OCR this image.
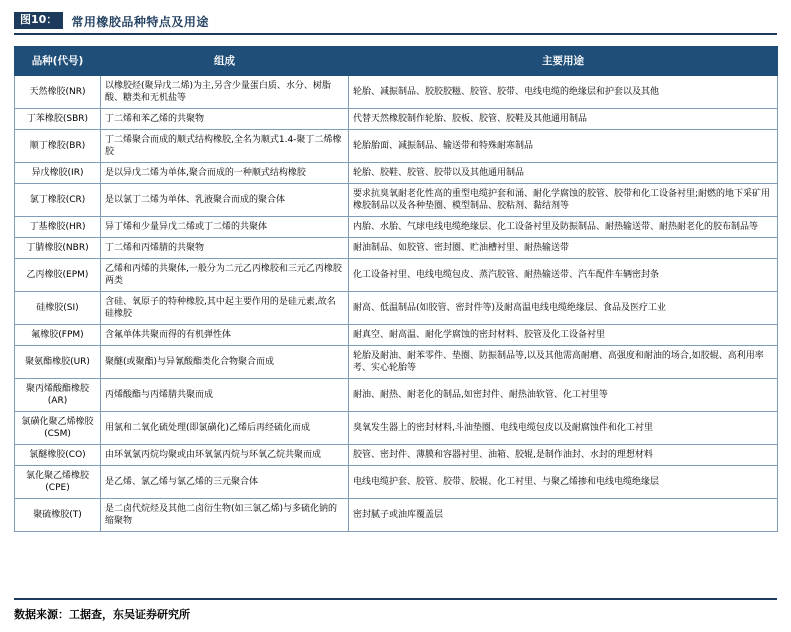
图10：	常用橡胶品种特点及用途
品种(代号)	组成	主要用途
天然橡胶(NR)	以橡胶烃(聚异戊二烯)为主,另含少量蛋白质、水分、树脂酸、糖类和无机盐等	轮胎、减振制品、胶胶胶糍、胶管、胶带、电线电缆的绝缘层和护套以及其他
丁苯橡胶(SBR)	丁二烯和苯乙烯的共聚物	代替天然橡胶制作轮胎、胶板、胶管、胶鞋及其他通用制品
顺丁橡胶(BR)	丁二烯聚合而成的顺式结构橡胶,全名为顺式1.4-聚丁二烯橡胶	轮胎胎面、减振制品、输送带和特殊耐寒制品
异戊橡胶(IR)	是以异戊二烯为单体,聚合而成的一种顺式结构橡胶	轮胎、胶鞋、胶管、胶带以及其他通用制品
氯丁橡胶(CR)	是以氯丁二烯为单体、乳液聚合而成的聚合体	要求抗臭氧耐老化性高的重型电缆护套和涌、耐化学腐蚀的胶管、胶带和化工设备衬里;耐燃的地下采矿用橡胶制品以及各种垫圈、模型制品、胶粘剂、黏结剂等
丁基橡胶(HR)	异丁烯和少量异戊二烯或丁二烯的共聚体	内胎、水胎、气球电线电缆绝缘层、化工设备衬里及防振制品、耐热输送带、耐热耐老化的胶布制品等
丁腈橡胶(NBR)	丁二烯和丙烯腈的共聚物	耐油制品、如胶管、密封圈、贮油槽衬里、耐热输送带
乙丙橡胶(EPM)	乙烯和丙烯的共聚体,一般分为二元乙丙橡胶和三元乙丙橡胶两类	化工设备衬里、电线电缆包皮、蒸汽胶管、耐热输送带、汽车配件车辆密封条
硅橡胶(SI)	含硅、氧原子的特种橡胶,其中起主要作用的是硅元素,故名硅橡胶	耐高、低温制品(如胶管、密封件等)及耐高温电线电缆绝缘层、食品及医疗工业
氟橡胶(FPM)	含氟单体共聚而得的有机弹性体	耐真空、耐高温、耐化学腐蚀的密封材料、胶管及化工设备衬里
聚氨酯橡胶(UR)	聚醚(或聚酯)与异氰酸酯类化合物聚合而成	轮胎及耐油、耐苯零件、垫圈、防振制品等,以及其他需高耐磨、高强度和耐油的场合,如胶辊、高利用率考、实心轮胎等
聚丙烯酸酯橡胶(AR)	丙烯酸酯与丙烯腈共聚而成	耐油、耐热、耐老化的制品,如密封件、耐热油软管、化工衬里等
氯磺化聚乙烯橡胶(CSM)	用氯和二氧化硫处理(即氯磺化)乙烯后再经硫化而成	臭氧发生器上的密封材料,斗油垫圈、电线电缆包皮以及耐腐蚀件和化工衬里
氯醚橡胶(CO)	由环氧氯丙烷均聚或由环氧氯丙烷与环氧乙烷共聚而成	胶管、密封件、薄膜和容器衬里、油箱、胶辊,是制作油封、水封的理想材料
氯化聚乙烯橡胶(CPE)	是乙烯、氯乙烯与氯乙烯的三元聚合体	电线电缆护套、胶管、胶带、胶辊、化工衬里、与聚乙烯掺和电线电缆绝缘层
聚硫橡胶(T)	是二卤代烷烃及其他二卤衍生物(如三氯乙烯)与多硫化钠的缩聚物	密封腻子或油库覆盖层
数据来源：工据查，东吴证券研究所
